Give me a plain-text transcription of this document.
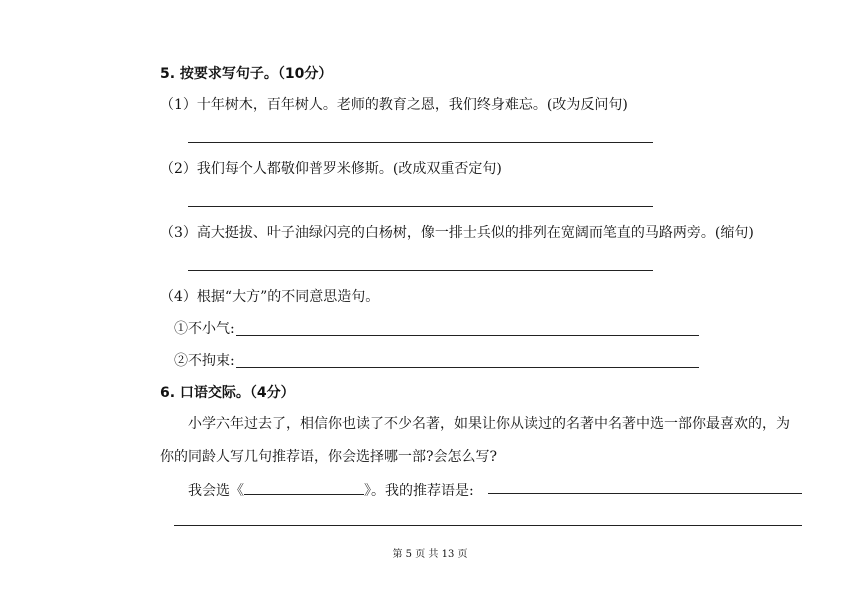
5. 按要求写句子。（10分）
（1）十年树木，百年树人。老师的教育之恩，我们终身难忘。(改为反问句)
（2）我们每个人都敬仰普罗米修斯。(改成双重否定句)
（3）高大挺拔、叶子油绿闪亮的白杨树，像一排士兵似的排列在宽阔而笔直的马路两旁。(缩句)
（4）根据“大方”的不同意思造句。
①不小气:
②不拘束:
6. 口语交际。（4分）
小学六年过去了，相信你也读了不少名著，如果让你从读过的名著中名著中选一部你最喜欢的，为
你的同龄人写几句推荐语，你会选择哪一部?会怎么写?
我会选《	》。我的推荐语是:
第 5 页 共 13 页
